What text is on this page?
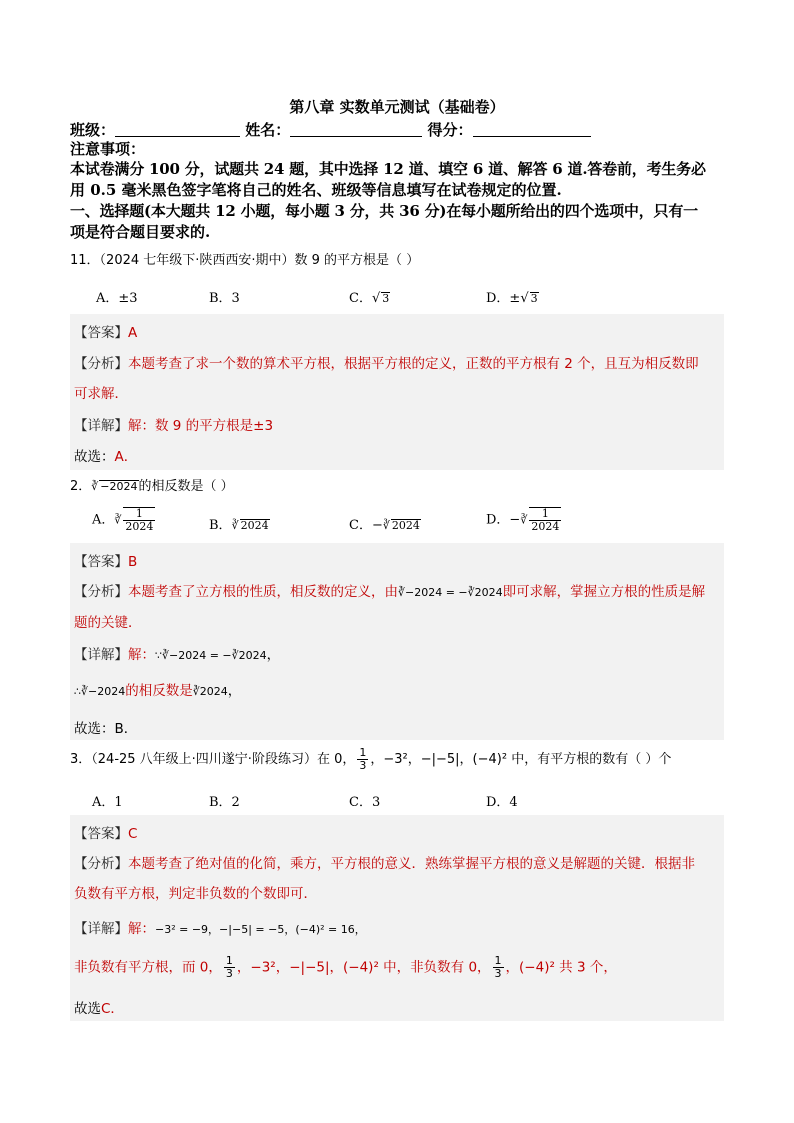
第八章 实数单元测试（基础卷）
班级：	姓名：	得分：
注意事项：
本试卷满分 100 分，试题共 24 题，其中选择 12 道、填空 6 道、解答 6 道.答卷前，考生务必
用 0.5 毫米黑色签字笔将自己的姓名、班级等信息填写在试卷规定的位置.
一、选择题(本大题共 12 小题，每小题 3 分，共 36 分)在每小题所给出的四个选项中，只有一
项是符合题目要求的.
11．（2024 七年级下·陕西西安·期中）数 9 的平方根是（ ）
A．±3	B．3	C．√ 3	D．±√ 3
【答案】A
【分析】本题考查了求一个数的算术平方根，根据平方根的定义，正数的平方根有 2 个，且互为相反数即
可求解．
【详解】解：数 9 的平方根是±3
故选：A．
2．∛ −2024的相反数是（ ）
A．∛ $\frac{1}{2024}$	B．∛ 2024	C．−∛ 2024	D．−∛ $\frac{1}{2024}$
【答案】B
【分析】本题考查了立方根的性质，相反数的定义，由∛−2024 = −∛2024即可求解，掌握立方根的性质是解
题的关键．
【详解】解：∵∛−2024 = −∛2024，
∴∛−2024的相反数是∛2024，
故选：B．
3．（24-25 八年级上·四川遂宁·阶段练习）在 0， $\frac{1}{3}$ ，−3²，−|−5|，(−4)² 中，有平方根的数有（ ）个
A．1	B．2	C．3	D．4
【答案】C
【分析】本题考查了绝对值的化简，乘方，平方根的意义．熟练掌握平方根的意义是解题的关键．根据非
负数有平方根，判定非负数的个数即可．
【详解】解：−3² = −9，−|−5| = −5，(−4)² = 16，
非负数有平方根，而 0， $\frac{1}{3}$ ，−3²，−|−5|，(−4)² 中，非负数有 0， $\frac{1}{3}$ ，(−4)² 共 3 个，
故选C．
